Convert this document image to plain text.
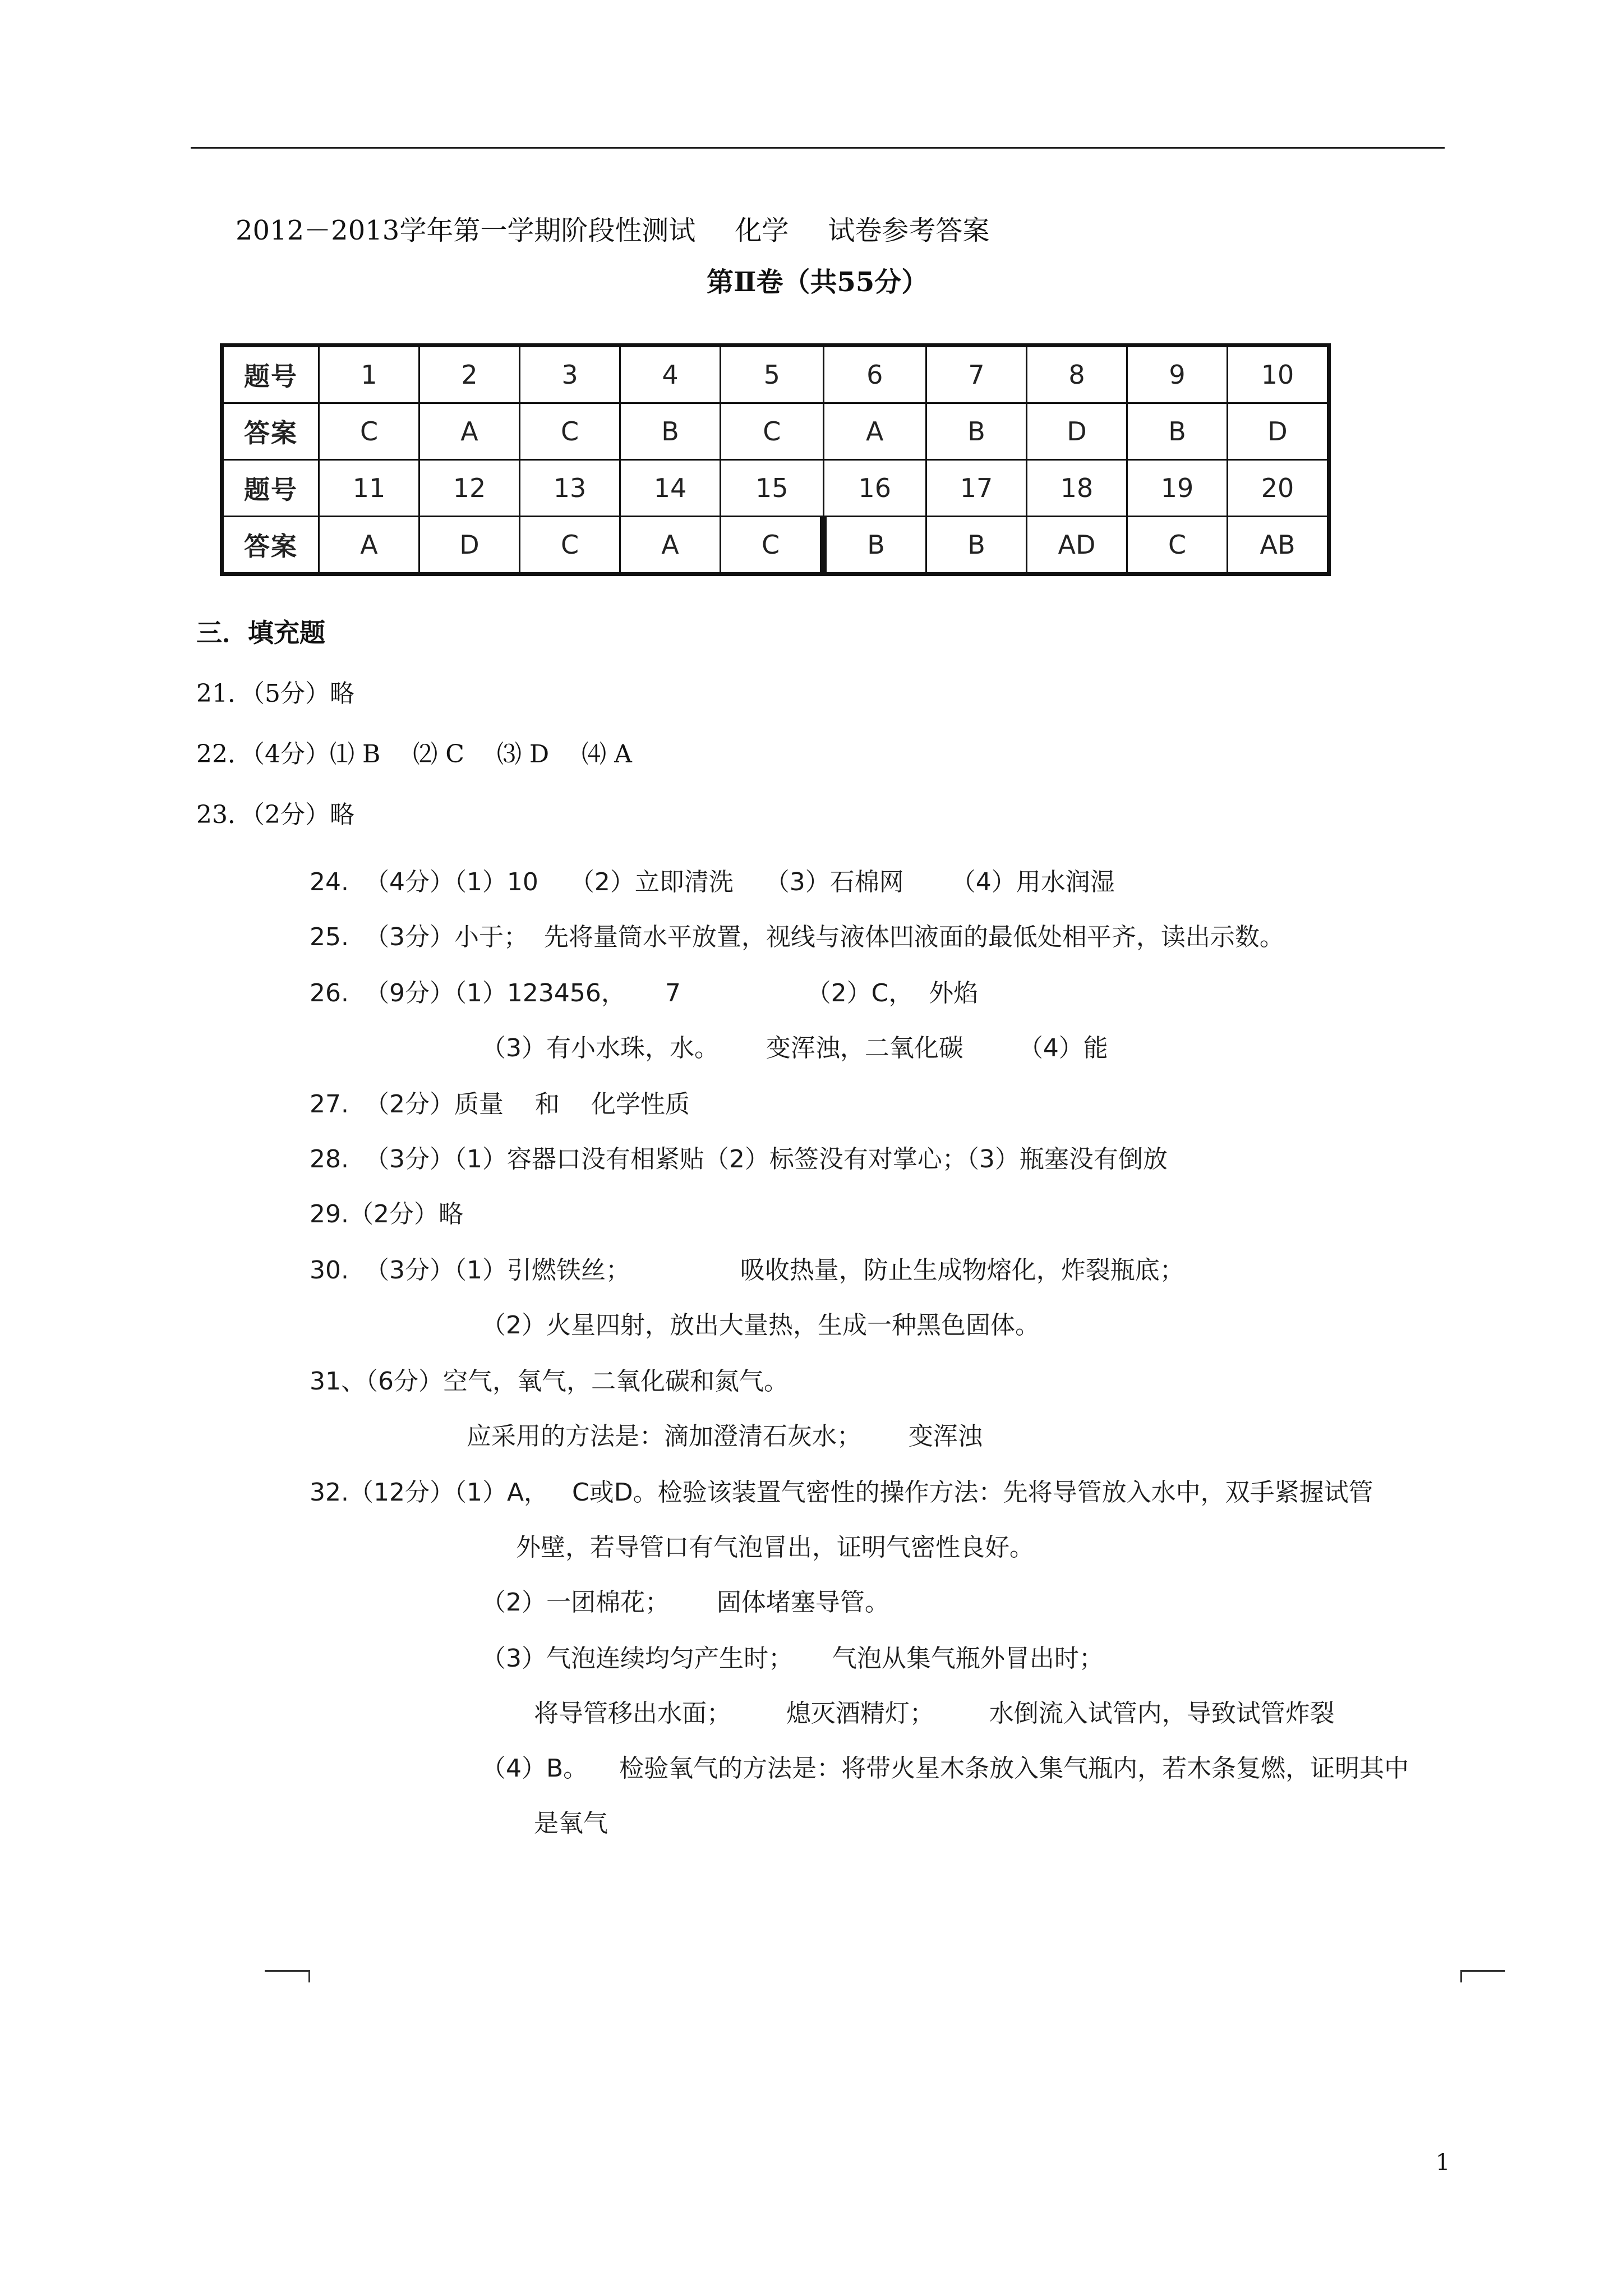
2012－2013学年第一学期阶段性测试 化学 试卷参考答案
第Ⅱ卷（共55分）
题号	1	2	3	4	5	6	7	8	9	10
答案	C	A	C	B	C	A	B	D	B	D
题号	11	12	13	14	15	16	17	18	19	20
答案	A	D	C	A	C	B	B	AD	C	AB
三．填充题
21．（5分）略
22．（4分）⑴ B　 ⑵ C　 ⑶ D　 ⑷ A
23．（2分）略
24.  （4分）（1）10    （2）立即清洗    （3）石棉网      （4）用水润湿
25.  （3分）小于；  先将量筒水平放置，视线与液体凹液面的最低处相平齐，读出示数。
26.  （9分）（1）123456，     7                （2）C，  外焰
（3）有小水珠，水。      变浑浊，二氧化碳       （4）能
27.  （2分）质量    和    化学性质
28.  （3分）（1）容器口没有相紧贴（2）标签没有对掌心；（3）瓶塞没有倒放
29.（2分）略
30.  （3分）（1）引燃铁丝；              吸收热量，防止生成物熔化，炸裂瓶底；
（2）火星四射，放出大量热，生成一种黑色固体。
31、（6分）空气，氧气，二氧化碳和氮气。
应采用的方法是：滴加澄清石灰水；      变浑浊
32.（12分）（1）A，   C或D。检验该装置气密性的操作方法：先将导管放入水中，双手紧握试管
外壁，若导管口有气泡冒出，证明气密性良好。
（2）一团棉花；      固体堵塞导管。
（3）气泡连续均匀产生时；     气泡从集气瓶外冒出时；
将导管移出水面；       熄灭酒精灯；       水倒流入试管内，导致试管炸裂
（4）B。    检验氧气的方法是：将带火星木条放入集气瓶内，若木条复燃，证明其中
是氧气
1
